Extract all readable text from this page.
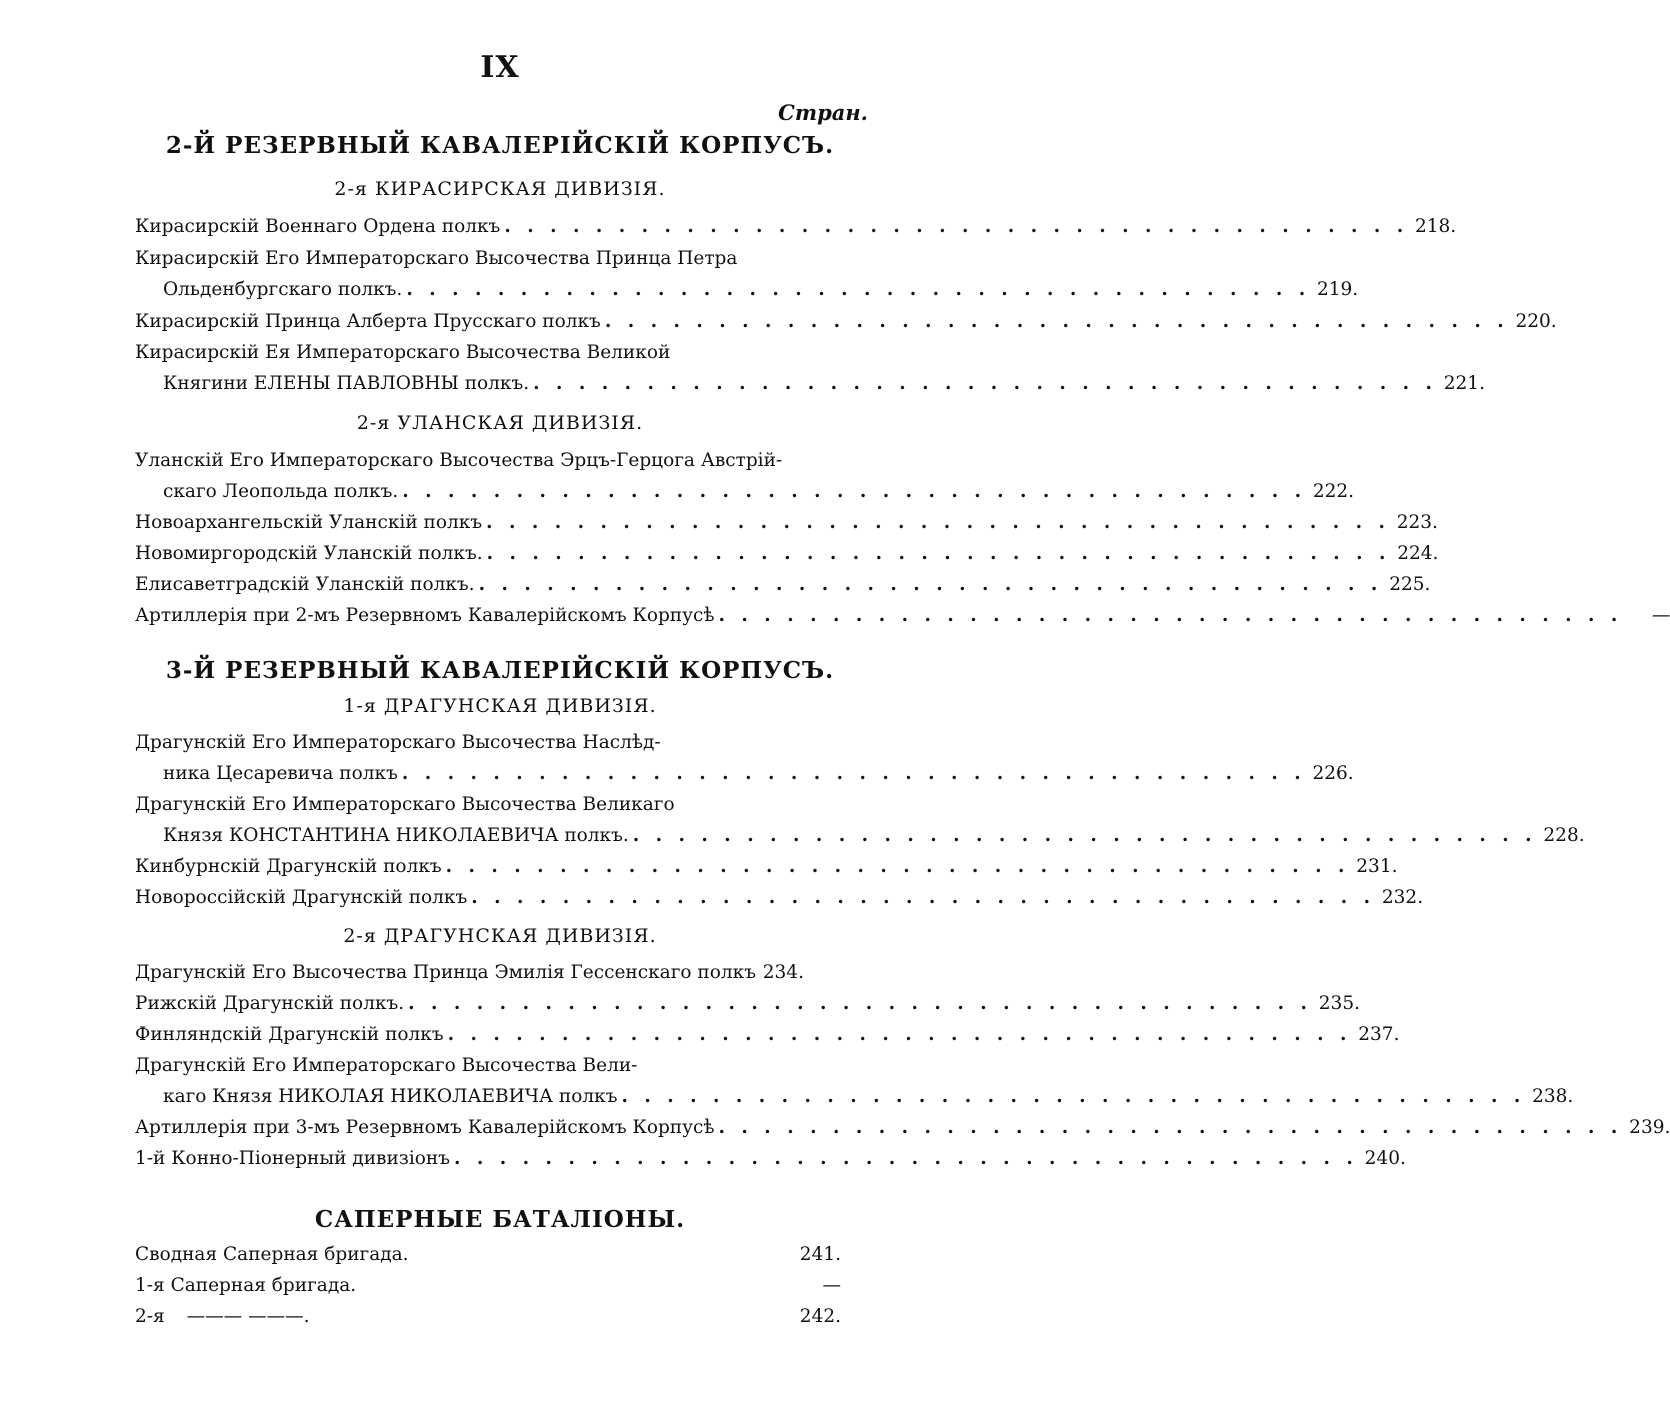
IX
Стран.
2-Й РЕЗЕРВНЫЙ КАВАЛЕРІЙСКІЙ КОРПУСЪ.
2-я КИРАСИРСКАЯ ДИВИЗІЯ.
Кирасирскій Военнаго Ордена полкъ . . . . . . . . . . . . . . . . . . . . . . . . . . . . . . . . . . . . . . . . 218.
Кирасирскій Его Императорскаго Высочества Принца Петра
Ольденбургскаго полкъ. . . . . . . . . . . . . . . . . . . . . . . . . . . . . . . . . . . . . . . . . 219.
Кирасирскій Принца Алберта Прусскаго полкъ . . . . . . . . . . . . . . . . . . . . . . . . . . . . . . . . . . . . . . . . 220.
Кирасирскій Ея Императорскаго Высочества Великой
Княгини ЕЛЕНЫ ПАВЛОВНЫ полкъ. . . . . . . . . . . . . . . . . . . . . . . . . . . . . . . . . . . . . . . . . 221.
2-я УЛАНСКАЯ ДИВИЗІЯ.
Уланскій Его Императорскаго Высочества Эрцъ-Герцога Австрій-
скаго Леопольда полкъ. . . . . . . . . . . . . . . . . . . . . . . . . . . . . . . . . . . . . . . . . 222.
Новоархангельскій Уланскій полкъ . . . . . . . . . . . . . . . . . . . . . . . . . . . . . . . . . . . . . . . . 223.
Новомиргородскій Уланскій полкъ. . . . . . . . . . . . . . . . . . . . . . . . . . . . . . . . . . . . . . . . . 224.
Елисаветградскій Уланскій полкъ. . . . . . . . . . . . . . . . . . . . . . . . . . . . . . . . . . . . . . . . . 225.
Артиллерія при 2-мъ Резервномъ Кавалерійскомъ Корпусѣ . . . . . . . . . . . . . . . . . . . . . . . . . . . . . . . . . . . . . . . .	—
3-Й РЕЗЕРВНЫЙ КАВАЛЕРІЙСКІЙ КОРПУСЪ.
1-я ДРАГУНСКАЯ ДИВИЗІЯ.
Драгунскій Его Императорскаго Высочества Наслѣд-
ника Цесаревича полкъ . . . . . . . . . . . . . . . . . . . . . . . . . . . . . . . . . . . . . . . . 226.
Драгунскій Его Императорскаго Высочества Великаго
Князя КОНСТАНТИНА НИКОЛАЕВИЧА полкъ. . . . . . . . . . . . . . . . . . . . . . . . . . . . . . . . . . . . . . . . . 228.
Кинбурнскій Драгунскій полкъ . . . . . . . . . . . . . . . . . . . . . . . . . . . . . . . . . . . . . . . . 231.
Новороссійскій Драгунскій полкъ . . . . . . . . . . . . . . . . . . . . . . . . . . . . . . . . . . . . . . . . 232.
2-я ДРАГУНСКАЯ ДИВИЗІЯ.
Драгунскій Его Высочества Принца Эмилія Гессенскаго полкъ 234.
Рижскій Драгунскій полкъ. . . . . . . . . . . . . . . . . . . . . . . . . . . . . . . . . . . . . . . . . 235.
Финляндскій Драгунскій полкъ . . . . . . . . . . . . . . . . . . . . . . . . . . . . . . . . . . . . . . . . 237.
Драгунскій Его Императорскаго Высочества Вели-
каго Князя НИКОЛАЯ НИКОЛАЕВИЧА полкъ . . . . . . . . . . . . . . . . . . . . . . . . . . . . . . . . . . . . . . . . 238.
Артиллерія при 3-мъ Резервномъ Кавалерійскомъ Корпусѣ . . . . . . . . . . . . . . . . . . . . . . . . . . . . . . . . . . . . . . . . 239.
1-й Конно-Піонерный дивизіонъ . . . . . . . . . . . . . . . . . . . . . . . . . . . . . . . . . . . . . . . . 240.
САПЕРНЫЕ БАТАЛІОНЫ.
Сводная Саперная бригада.	241.
1-я Саперная бригада.	—
2-я	——— ———.	242.
